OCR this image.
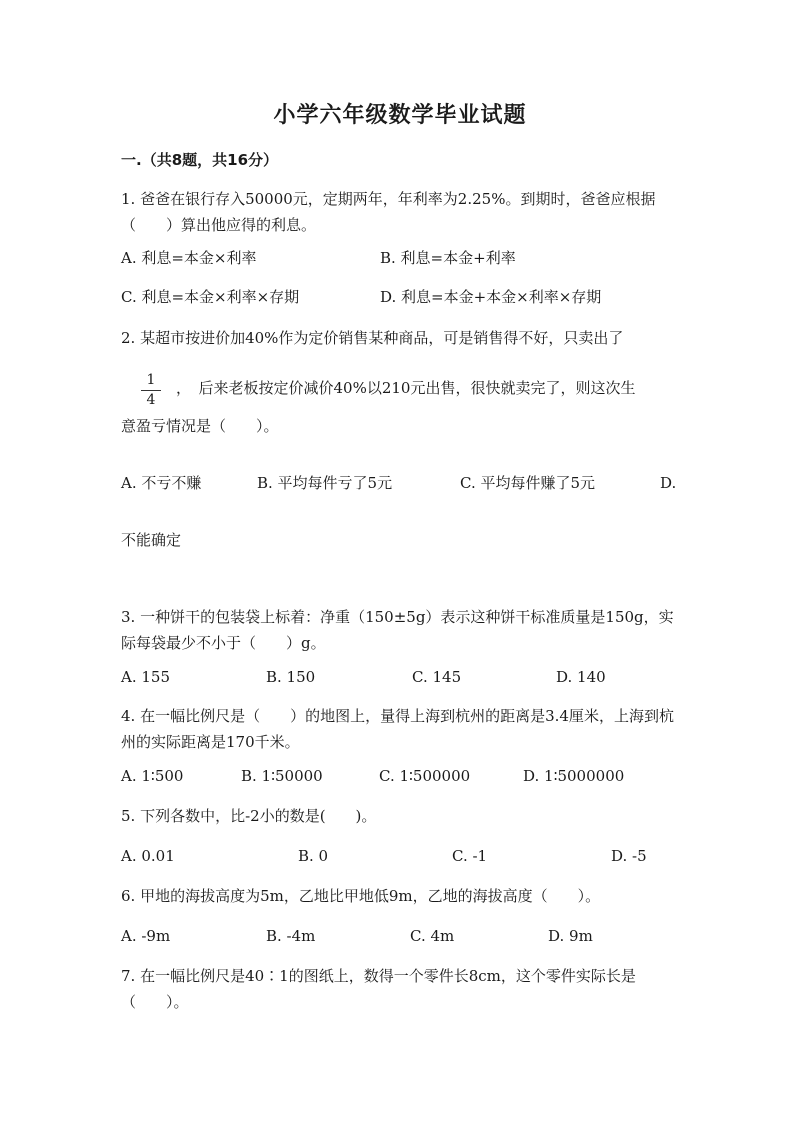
小学六年级数学毕业试题
一.（共8题，共16分）
1. 爸爸在银行存入50000元，定期两年，年利率为2.25%。到期时，爸爸应根据（　　）算出他应得的利息。
A. 利息=本金×利率	B. 利息=本金+利率
C. 利息=本金×利率×存期	D. 利息=本金+本金×利率×存期
2. 某超市按进价加40%作为定价销售某种商品，可是销售得不好，只卖出了
1
4
，　后来老板按定价减价40%以210元出售，很快就卖完了，则这次生
意盈亏情况是（　　）。
A. 不亏不赚	B. 平均每件亏了5元	C. 平均每件赚了5元	D.
不能确定
3. 一种饼干的包装袋上标着：净重（150±5g）表示这种饼干标准质量是150g，实际每袋最少不小于（　　）g。
A. 155	B. 150	C. 145	D. 140
4. 在一幅比例尺是（　　）的地图上，量得上海到杭州的距离是3.4厘米，上海到杭州的实际距离是170千米。
A. 1∶500	B. 1∶50000	C. 1∶500000	D. 1∶5000000
5. 下列各数中，比-2小的数是(　　)。
A. 0.01	B. 0	C. -1	D. -5
6. 甲地的海拔高度为5m，乙地比甲地低9m，乙地的海拔高度（　　）。
A. -9m	B. -4m	C. 4m	D. 9m
7. 在一幅比例尺是40∶1的图纸上，数得一个零件长8cm，这个零件实际长是（　　）。
